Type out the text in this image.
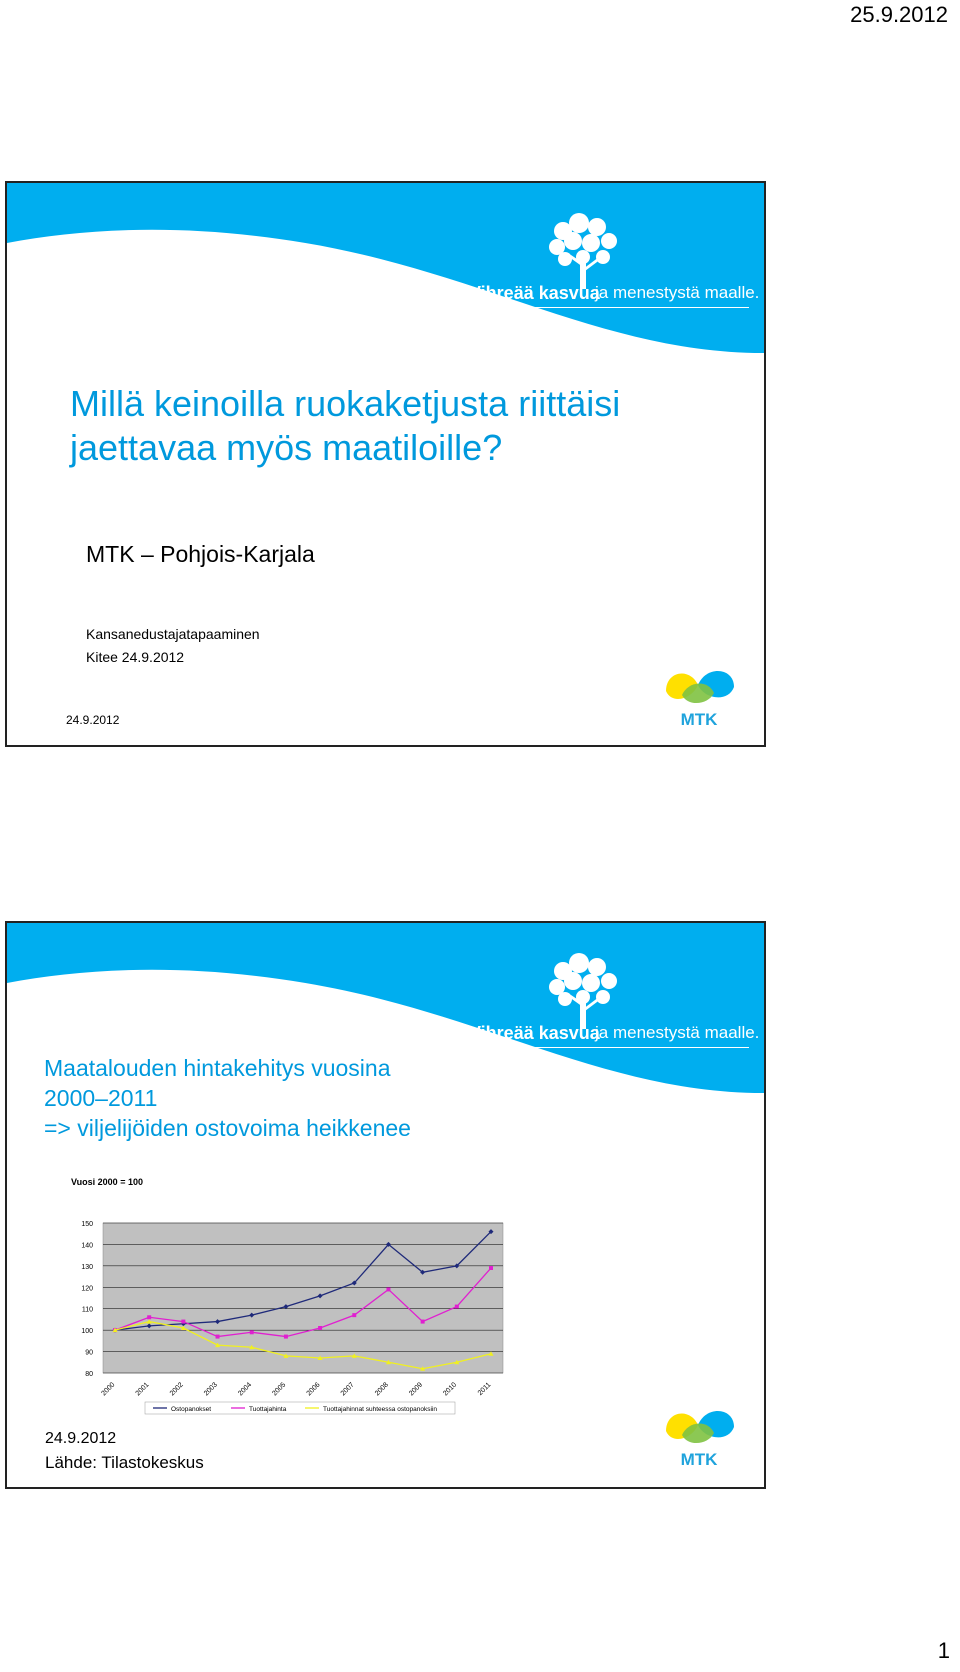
25.9.2012
Vihreää kasvua
ja menestystä maalle.
Millä keinoilla ruokaketjusta riittäisi
jaettavaa myös maatiloille?
MTK – Pohjois-Karjala
Kansanedustajatapaaminen
Kitee 24.9.2012
24.9.2012	MTK
Vihreää kasvua
ja menestystä maalle.
Maatalouden hintakehitys vuosina
2000–2011
=> viljelijöiden ostovoima heikkenee
Vuosi 2000 = 100
80
90
100
110
120
130
140
150
2000	2001	2002	2003	2004	2005	2006	2007	2008	2009	2010	2011
Ostopanokset	Tuottajahinta	Tuottajahinnat suhteessa ostopanoksiin
MTK
24.9.2012
Lähde: Tilastokeskus
1
